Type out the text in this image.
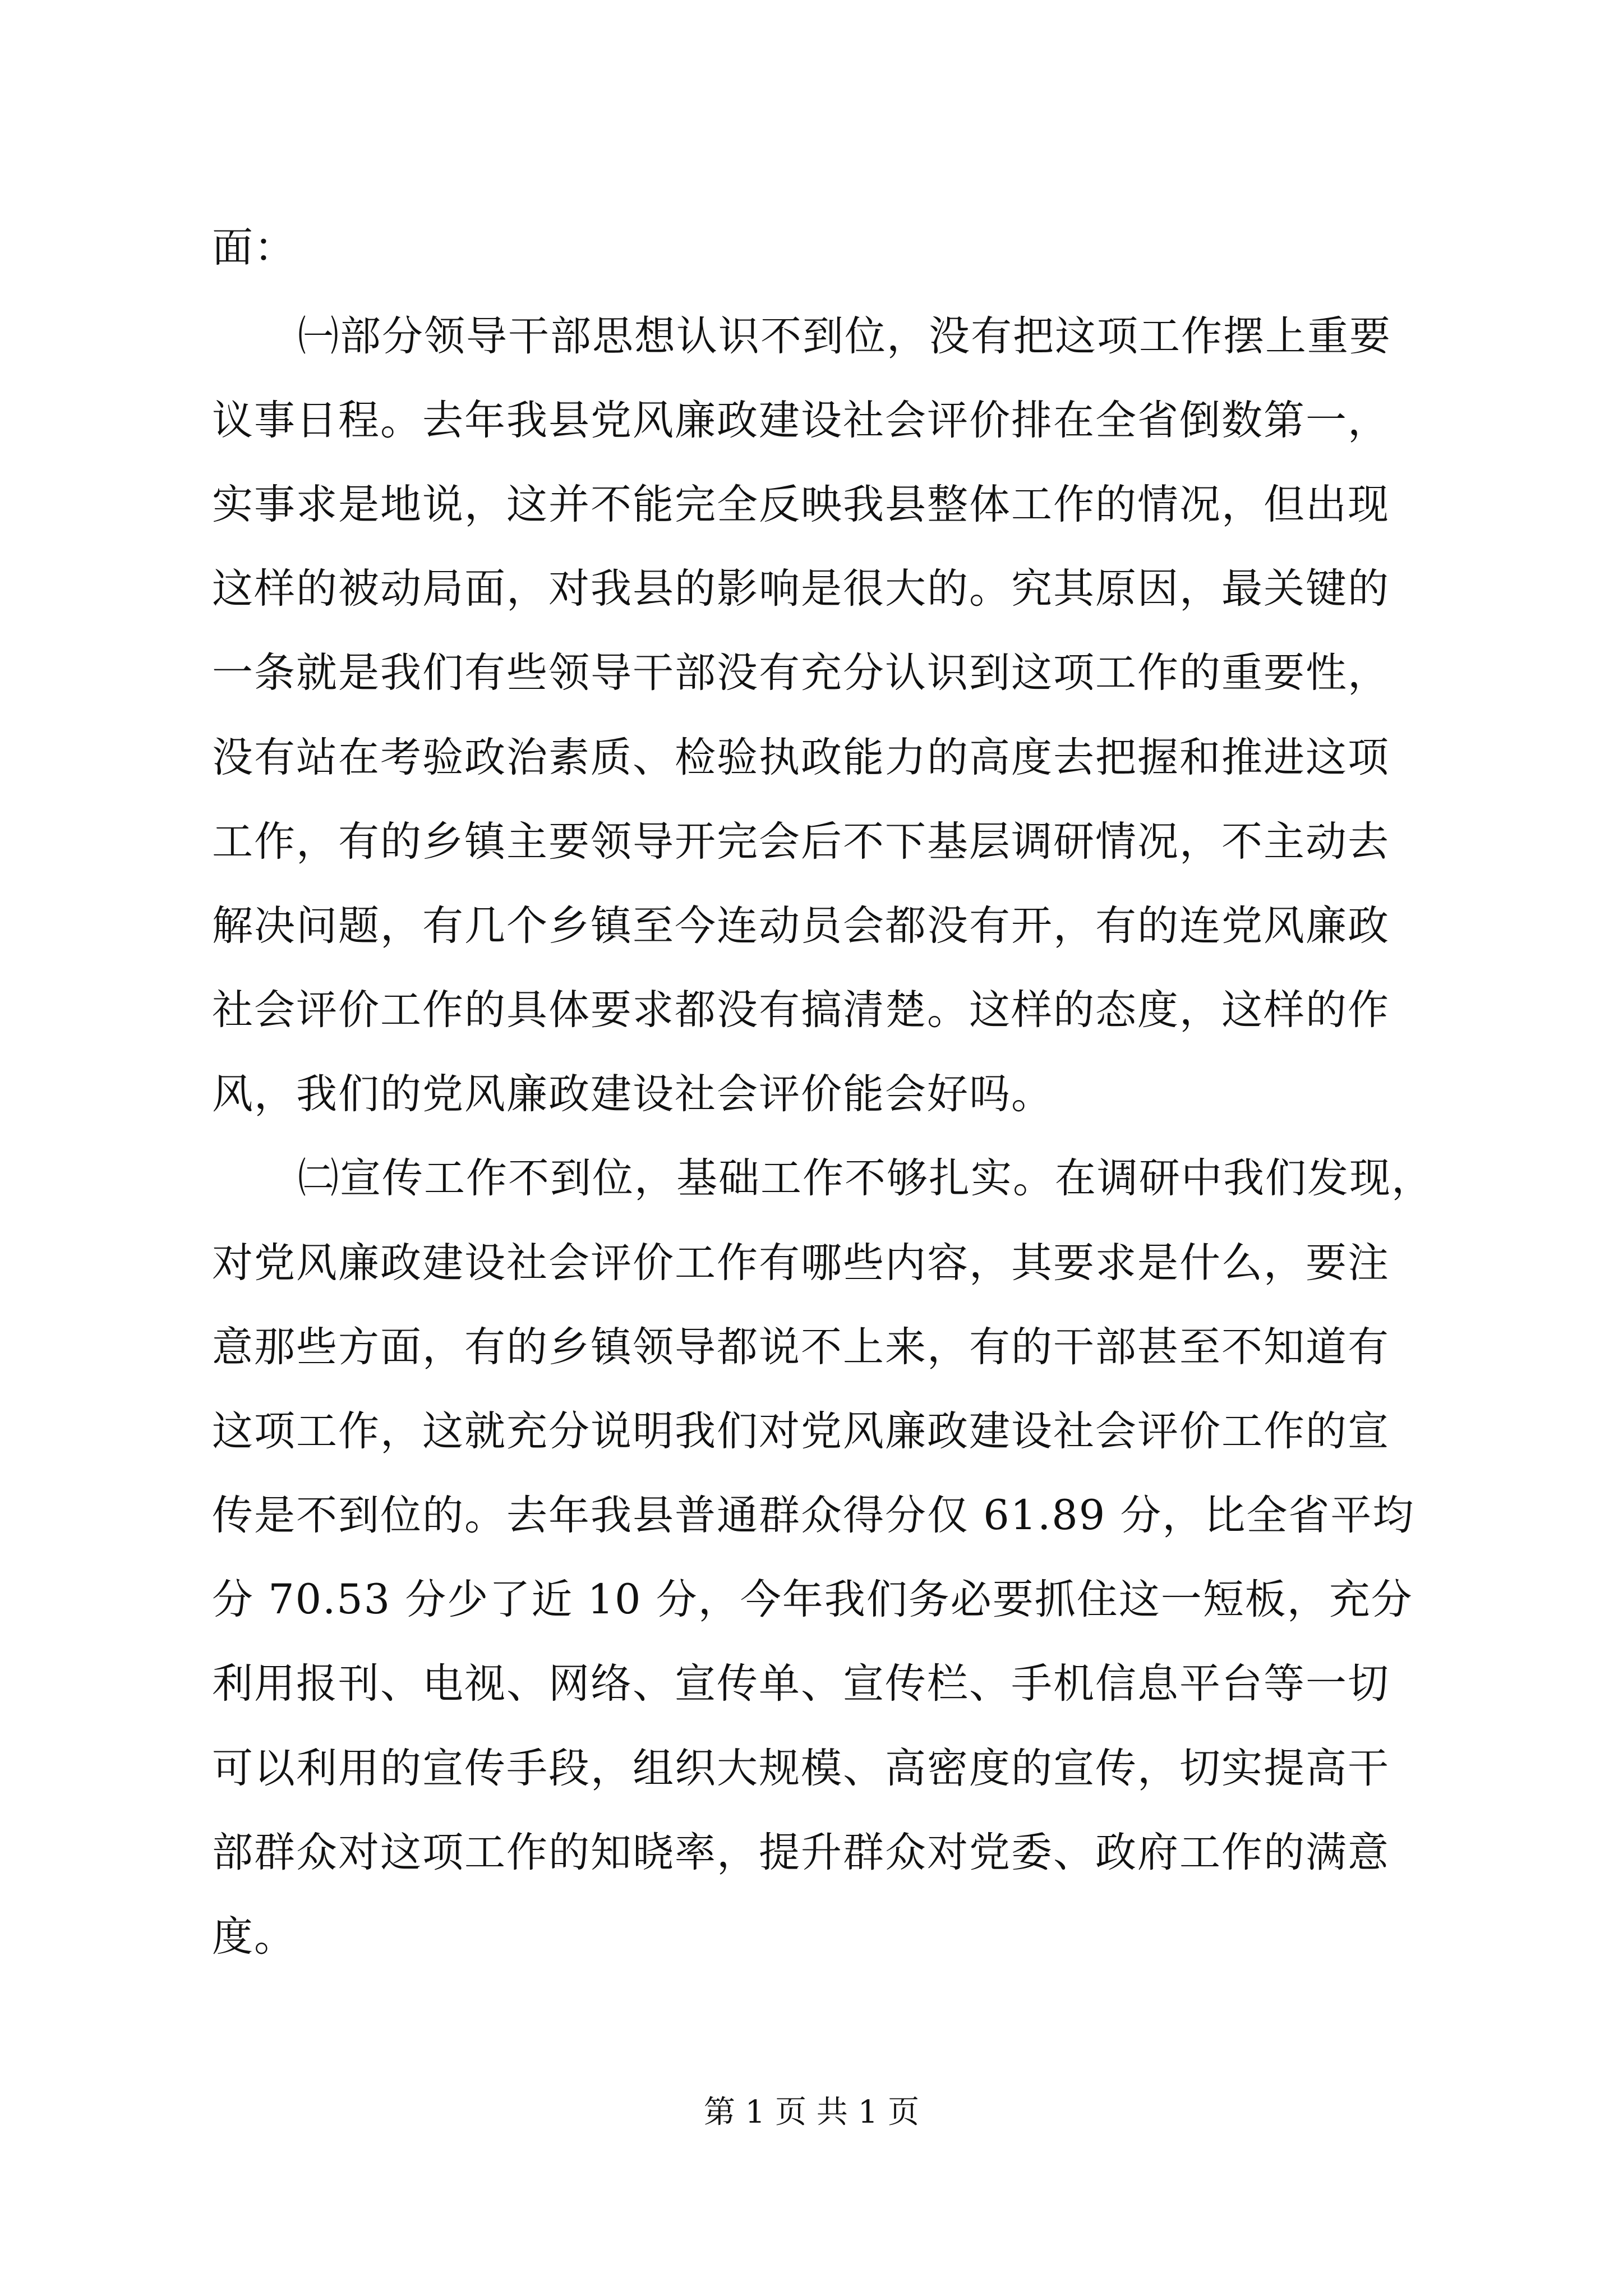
面：

㈠部分领导干部思想认识不到位，没有把这项工作摆上重要

议事日程。去年我县党风廉政建设社会评价排在全省倒数第一，

实事求是地说，这并不能完全反映我县整体工作的情况，但出现

这样的被动局面，对我县的影响是很大的。究其原因，最关键的

一条就是我们有些领导干部没有充分认识到这项工作的重要性，

没有站在考验政治素质、检验执政能力的高度去把握和推进这项

工作，有的乡镇主要领导开完会后不下基层调研情况，不主动去

解决问题，有几个乡镇至今连动员会都没有开，有的连党风廉政

社会评价工作的具体要求都没有搞清楚。这样的态度，这样的作

风，我们的党风廉政建设社会评价能会好吗。

㈡宣传工作不到位，基础工作不够扎实。在调研中我们发现，

对党风廉政建设社会评价工作有哪些内容，其要求是什么，要注

意那些方面，有的乡镇领导都说不上来，有的干部甚至不知道有

这项工作，这就充分说明我们对党风廉政建设社会评价工作的宣

传是不到位的。去年我县普通群众得分仅 61.89 分，比全省平均

分 70.53 分少了近 10 分，今年我们务必要抓住这一短板，充分

利用报刊、电视、网络、宣传单、宣传栏、手机信息平台等一切

可以利用的宣传手段，组织大规模、高密度的宣传，切实提高干

部群众对这项工作的知晓率，提升群众对党委、政府工作的满意

度。

第 1 页 共 1 页
